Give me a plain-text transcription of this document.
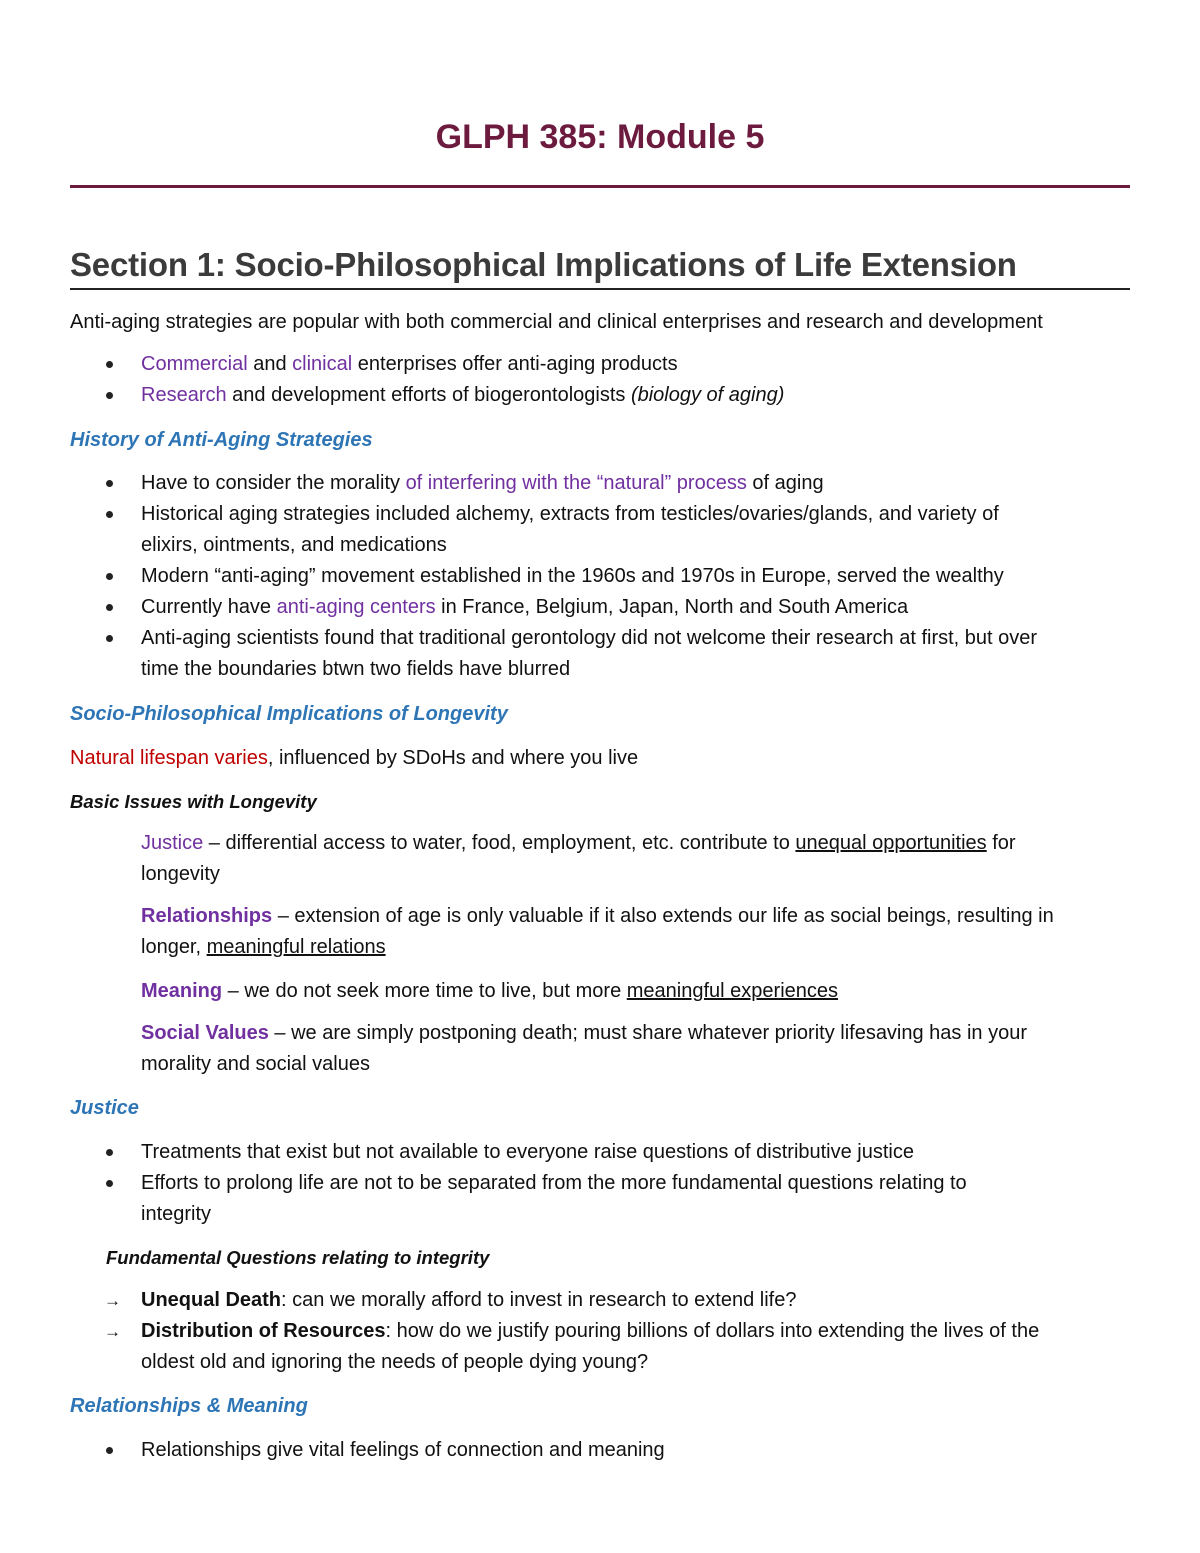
GLPH 385: Module 5
Section 1: Socio-Philosophical Implications of Life Extension
Anti-aging strategies are popular with both commercial and clinical enterprises and research and development
Commercial and clinical enterprises offer anti-aging products
Research and development efforts of biogerontologists (biology of aging)
History of Anti-Aging Strategies
Have to consider the morality of interfering with the “natural” process of aging
Historical aging strategies included alchemy, extracts from testicles/ovaries/glands, and variety of
elixirs, ointments, and medications
Modern “anti-aging” movement established in the 1960s and 1970s in Europe, served the wealthy
Currently have anti-aging centers in France, Belgium, Japan, North and South America
Anti-aging scientists found that traditional gerontology did not welcome their research at first, but over
time the boundaries btwn two fields have blurred
Socio-Philosophical Implications of Longevity
Natural lifespan varies, influenced by SDoHs and where you live
Basic Issues with Longevity
Justice – differential access to water, food, employment, etc. contribute to unequal opportunities for
longevity
Relationships – extension of age is only valuable if it also extends our life as social beings, resulting in
longer, meaningful relations
Meaning – we do not seek more time to live, but more meaningful experiences
Social Values – we are simply postponing death; must share whatever priority lifesaving has in your
morality and social values
Justice
Treatments that exist but not available to everyone raise questions of distributive justice
Efforts to prolong life are not to be separated from the more fundamental questions relating to
integrity
Fundamental Questions relating to integrity
→ Unequal Death: can we morally afford to invest in research to extend life?
→ Distribution of Resources: how do we justify pouring billions of dollars into extending the lives of the
oldest old and ignoring the needs of people dying young?
Relationships & Meaning
Relationships give vital feelings of connection and meaning
